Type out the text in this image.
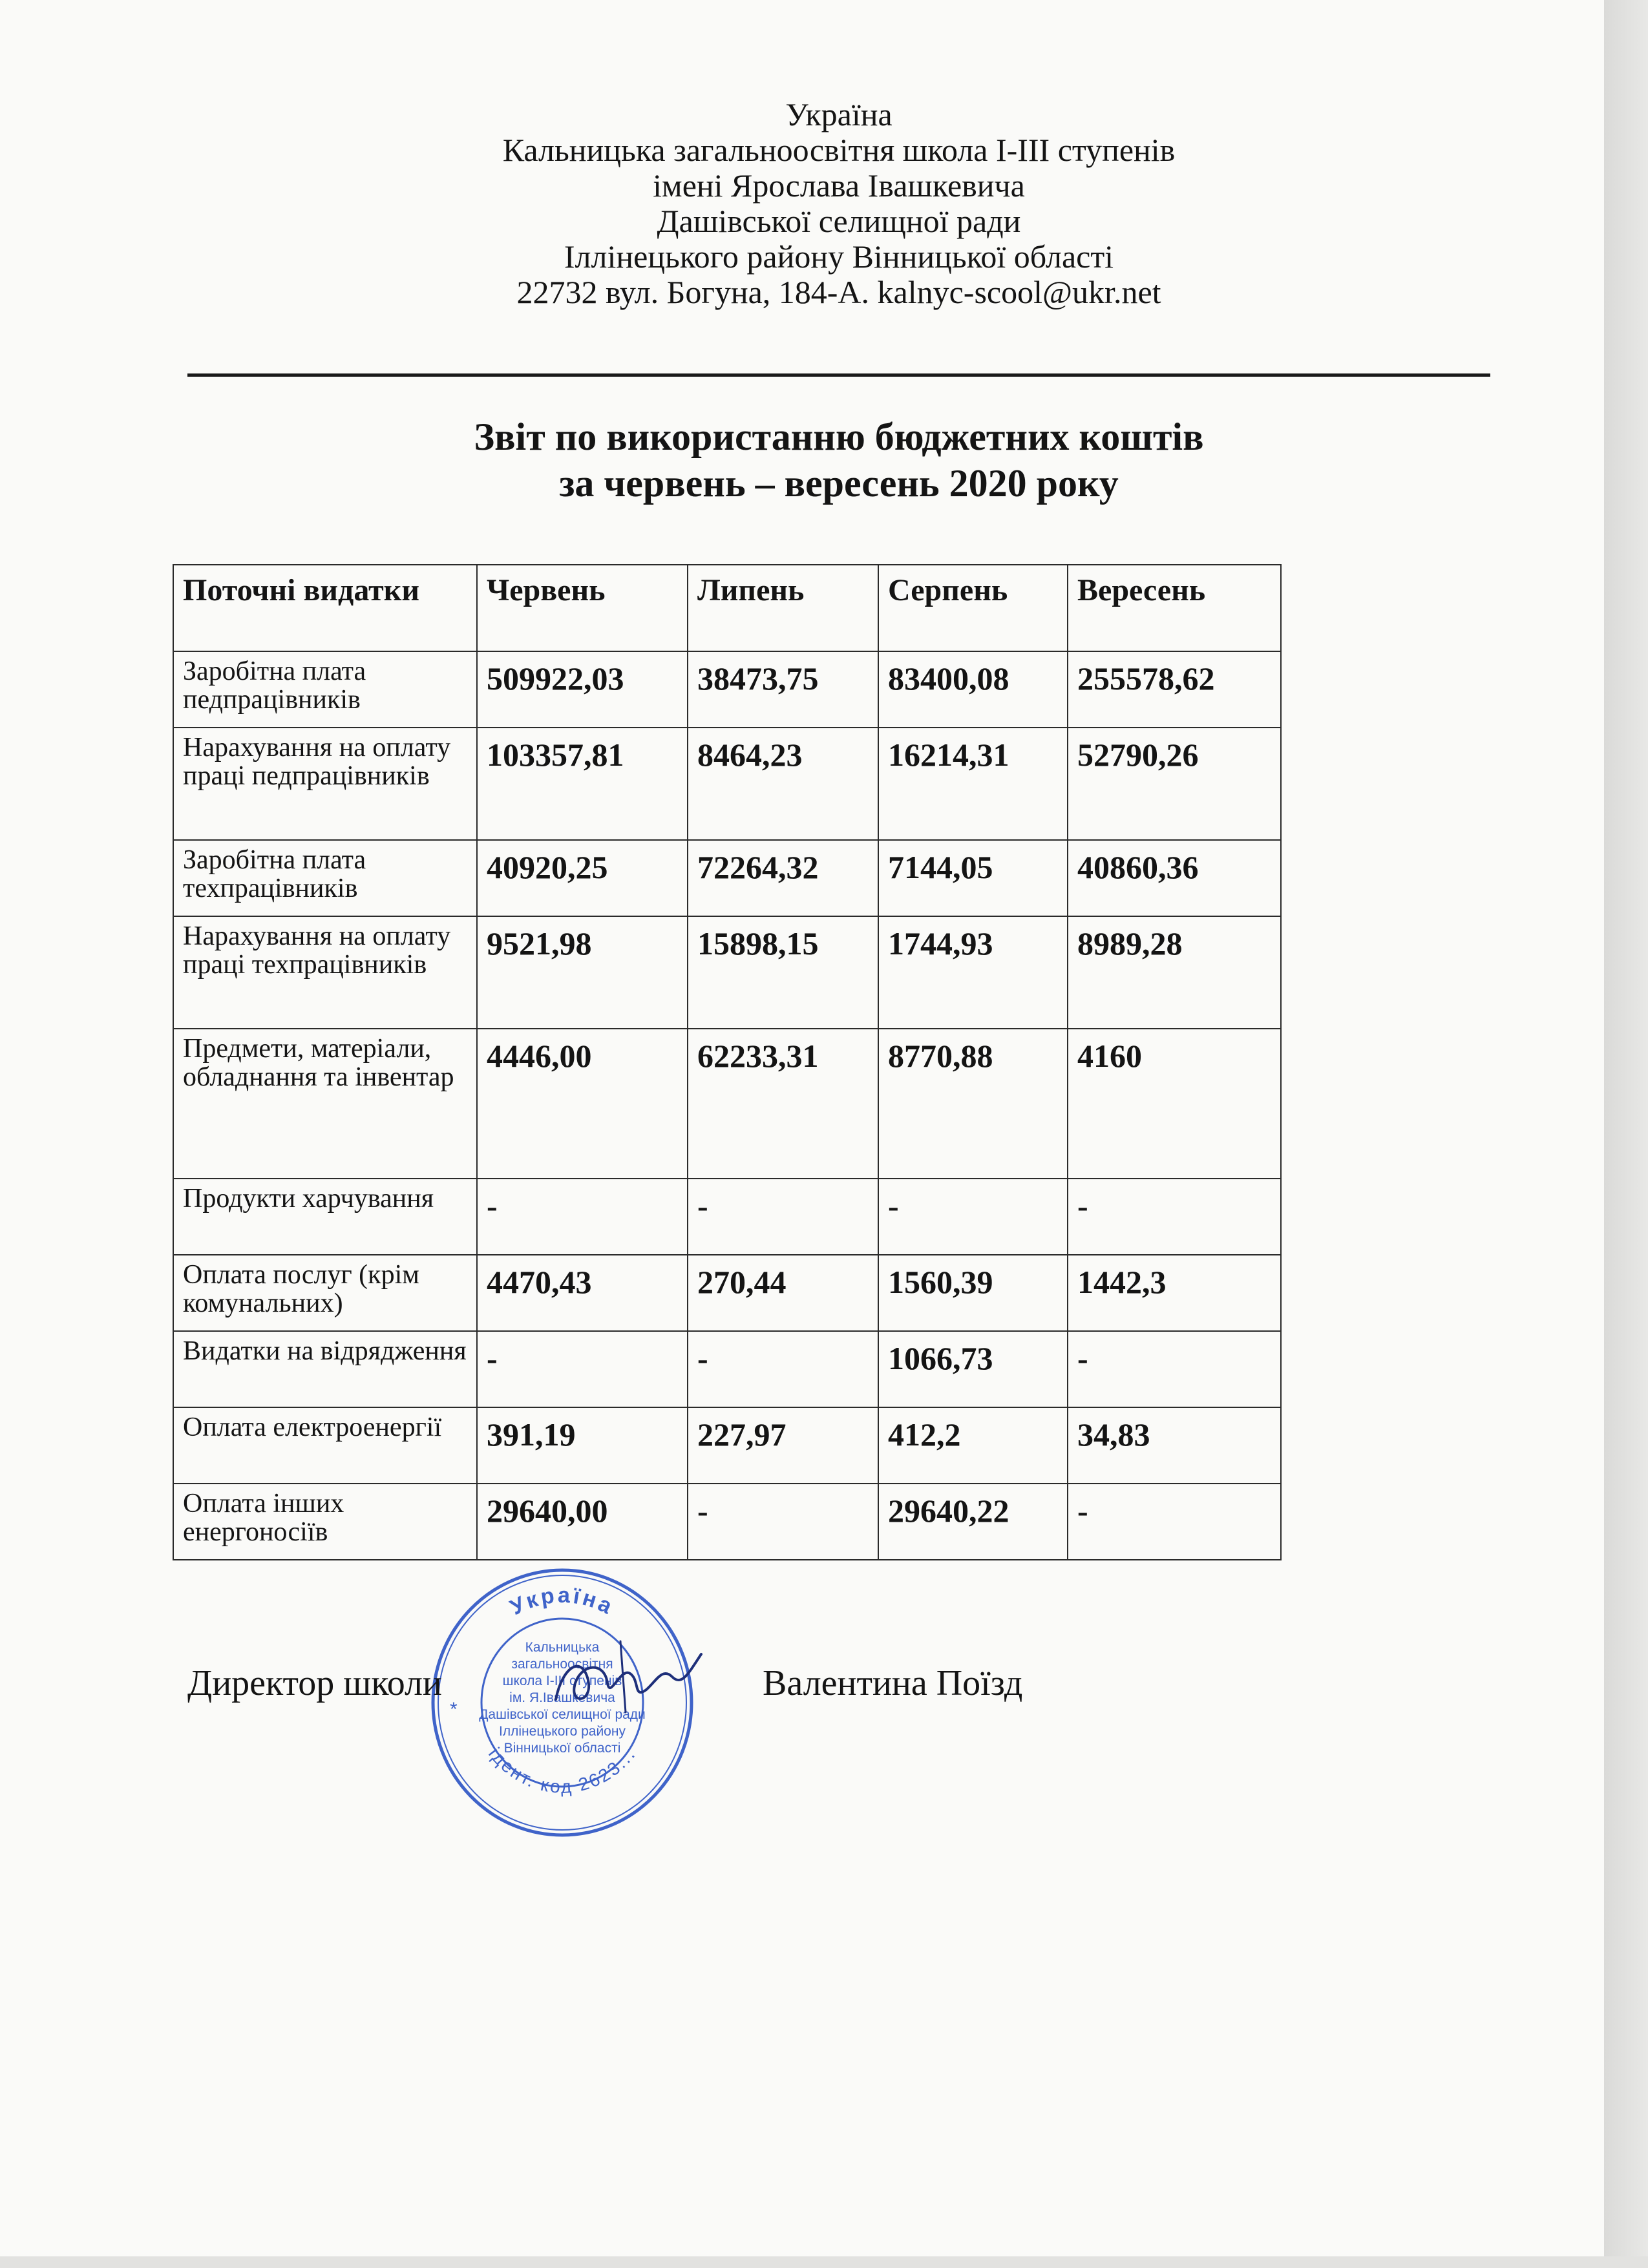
Україна
Кальницька загальноосвітня школа І-ІІІ ступенів
імені Ярослава Івашкевича
Дашівської селищної ради
Іллінецького району Вінницької області
22732 вул. Богуна, 184-А. kalnyc-scool@ukr.net
Звіт по використанню бюджетних коштів
за червень – вересень 2020 року
Поточні видатки	Червень	Липень	Серпень	Вересень
Заробітна плата педпрацівників	509922,03	38473,75	83400,08	255578,62
Нарахування на оплату праці педпрацівників	103357,81	8464,23	16214,31	52790,26
Заробітна плата техпрацівників	40920,25	72264,32	7144,05	40860,36
Нарахування на оплату праці техпрацівників	9521,98	15898,15	1744,93	8989,28
Предмети, матеріали, обладнання та інвентар	4446,00	62233,31	8770,88	4160
Продукти харчування	-	-	-	-
Оплата послуг (крім комунальних)	4470,43	270,44	1560,39	1442,3
Видатки на відрядження	-	-	1066,73	-
Оплата електроенергії	391,19	227,97	412,2	34,83
Оплата інших енергоносіїв	29640,00	-	29640,22	-
Україна
ідент. код 2623...
*
Кальницька
загальноосвітня
школа І-ІІІ ступенів
ім. Я.Івашкевича
Дашівської селищної ради
Іллінецького району
Вінницької області
Директор школи	Валентина Поїзд
